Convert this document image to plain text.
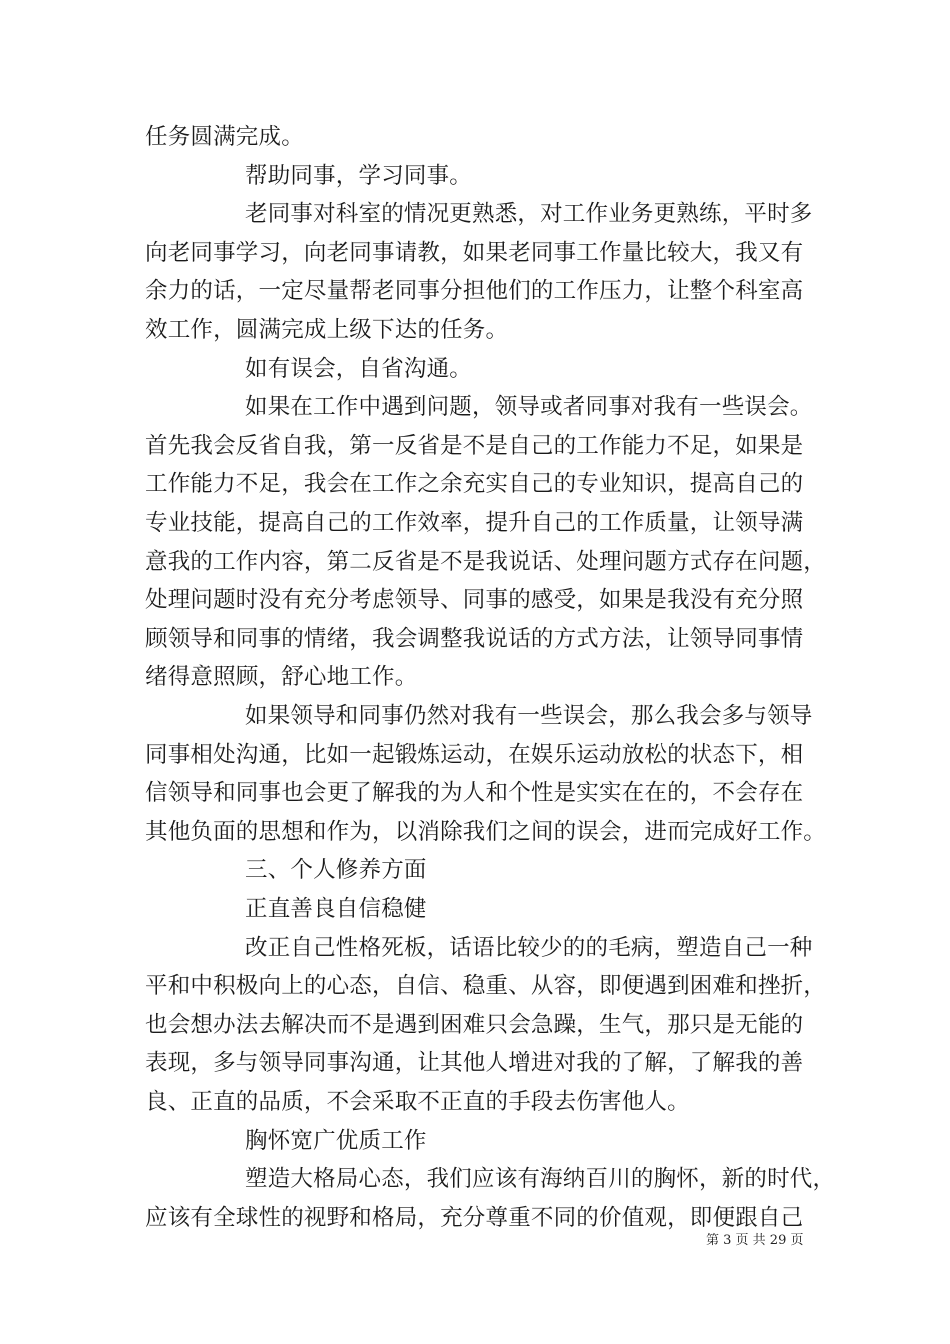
任务圆满完成。
帮助同事，学习同事。
老同事对科室的情况更熟悉，对工作业务更熟练，平时多
向老同事学习，向老同事请教，如果老同事工作量比较大，我又有
余力的话，一定尽量帮老同事分担他们的工作压力，让整个科室高
效工作，圆满完成上级下达的任务。
如有误会，自省沟通。
如果在工作中遇到问题，领导或者同事对我有一些误会。
首先我会反省自我，第一反省是不是自己的工作能力不足，如果是
工作能力不足，我会在工作之余充实自己的专业知识，提高自己的
专业技能，提高自己的工作效率，提升自己的工作质量，让领导满
意我的工作内容，第二反省是不是我说话、处理问题方式存在问题，
处理问题时没有充分考虑领导、同事的感受，如果是我没有充分照
顾领导和同事的情绪，我会调整我说话的方式方法，让领导同事情
绪得意照顾，舒心地工作。
如果领导和同事仍然对我有一些误会，那么我会多与领导
同事相处沟通，比如一起锻炼运动，在娱乐运动放松的状态下，相
信领导和同事也会更了解我的为人和个性是实实在在的，不会存在
其他负面的思想和作为，以消除我们之间的误会，进而完成好工作。
三、个人修养方面
正直善良自信稳健
改正自己性格死板，话语比较少的的毛病，塑造自己一种
平和中积极向上的心态，自信、稳重、从容，即便遇到困难和挫折，
也会想办法去解决而不是遇到困难只会急躁，生气，那只是无能的
表现，多与领导同事沟通，让其他人增进对我的了解，了解我的善
良、正直的品质，不会采取不正直的手段去伤害他人。
胸怀宽广优质工作
塑造大格局心态，我们应该有海纳百川的胸怀，新的时代，
应该有全球性的视野和格局，充分尊重不同的价值观，即便跟自己
第 3 页 共 29 页
